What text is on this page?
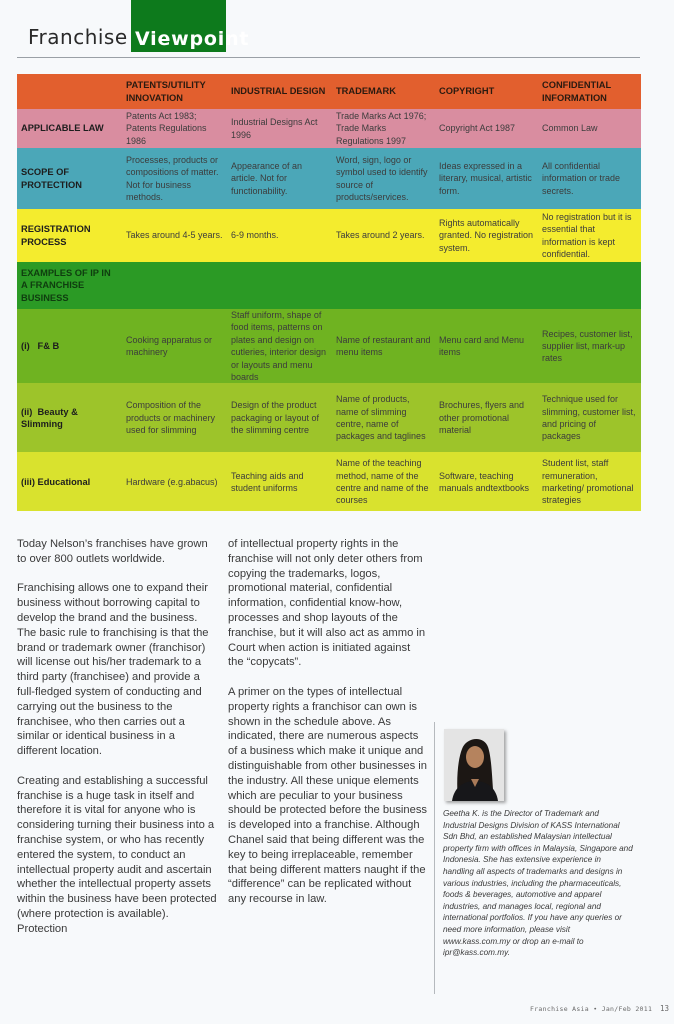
Franchise Viewpoint
	PATENTS/UTILITY INNOVATION	INDUSTRIAL DESIGN	TRADEMARK	COPYRIGHT	CONFIDENTIAL INFORMATION
APPLICABLE LAW	Patents Act 1983; Patents Regulations 1986	Industrial Designs Act 1996	Trade Marks Act 1976; Trade Marks Regulations 1997	Copyright Act 1987	Common Law
SCOPE OF PROTECTION	Processes, products or compositions of matter. Not for business methods.	Appearance of an article. Not for functionability.	Word, sign, logo or symbol used to identify source of products/services.	Ideas expressed in a literary, musical, artistic form.	All confidential information or trade secrets.
REGISTRATION PROCESS	Takes around 4-5 years.	6-9 months.	Takes around 2 years.	Rights automatically granted. No registration system.	No registration but it is essential that information is kept confidential.
EXAMPLES OF IP IN A FRANCHISE BUSINESS					
(i) F& B	Cooking apparatus or machinery	Staff uniform, shape of food items, patterns on plates and design on cutleries, interior design or layouts and menu boards	Name of restaurant and menu items	Menu card and Menu items	Recipes, customer list, supplier list, mark-up rates
(ii) Beauty & Slimming	Composition of the products or machinery used for slimming	Design of the product packaging or layout of the slimming centre	Name of products, name of slimming centre, name of packages and taglines	Brochures, flyers and other promotional material	Technique used for slimming, customer list, and pricing of packages
(iii) Educational	Hardware (e.g.abacus)	Teaching aids and student uniforms	Name of the teaching method, name of the centre and name of the courses	Software, teaching manuals andtextbooks	Student list, staff remuneration, marketing/ promotional strategies

Today Nelson’s franchises have grown to over 800 outlets worldwide.

Franchising allows one to expand their business without borrowing capital to develop the brand and the business. The basic rule to franchising is that the brand or trademark owner (franchisor) will license out his/her trademark to a third party (franchisee) and provide a full-fledged system of conducting and carrying out the business to the franchisee, who then carries out a similar or identical business in a different location.

Creating and establishing a successful franchise is a huge task in itself and therefore it is vital for anyone who is considering turning their business into a franchise system, or who has recently entered the system, to conduct an intellectual property audit and ascertain whether the intellectual property assets within the business have been protected (where protection is available). Protection

of intellectual property rights in the franchise will not only deter others from copying the trademarks, logos, promotional material, confidential information, confidential know-how, processes and shop layouts of the franchise, but it will also act as ammo in Court when action is initiated against the “copycats”.

A primer on the types of intellectual property rights a franchisor can own is shown in the schedule above. As indicated, there are numerous aspects of a business which make it unique and distinguishable from other businesses in the industry. All these unique elements which are peculiar to your business should be protected before the business is developed into a franchise. Although Chanel said that being different was the key to being irreplaceable, remember that being different matters naught if the “difference” can be replicated without any recourse in law.

Geetha K. is the Director of Trademark and Industrial Designs Division of KASS International Sdn Bhd, an established Malaysian intellectual property firm with offices in Malaysia, Singapore and Indonesia. She has extensive experience in handling all aspects of trademarks and designs in various industries, including the pharmaceuticals, foods & beverages, automotive and apparel industries, and manages local, regional and international portfolios. If you have any queries or need more information, please visit www.kass.com.my or drop an e-mail to ipr@kass.com.my.
Franchise Asia • Jan/Feb 2011 13
